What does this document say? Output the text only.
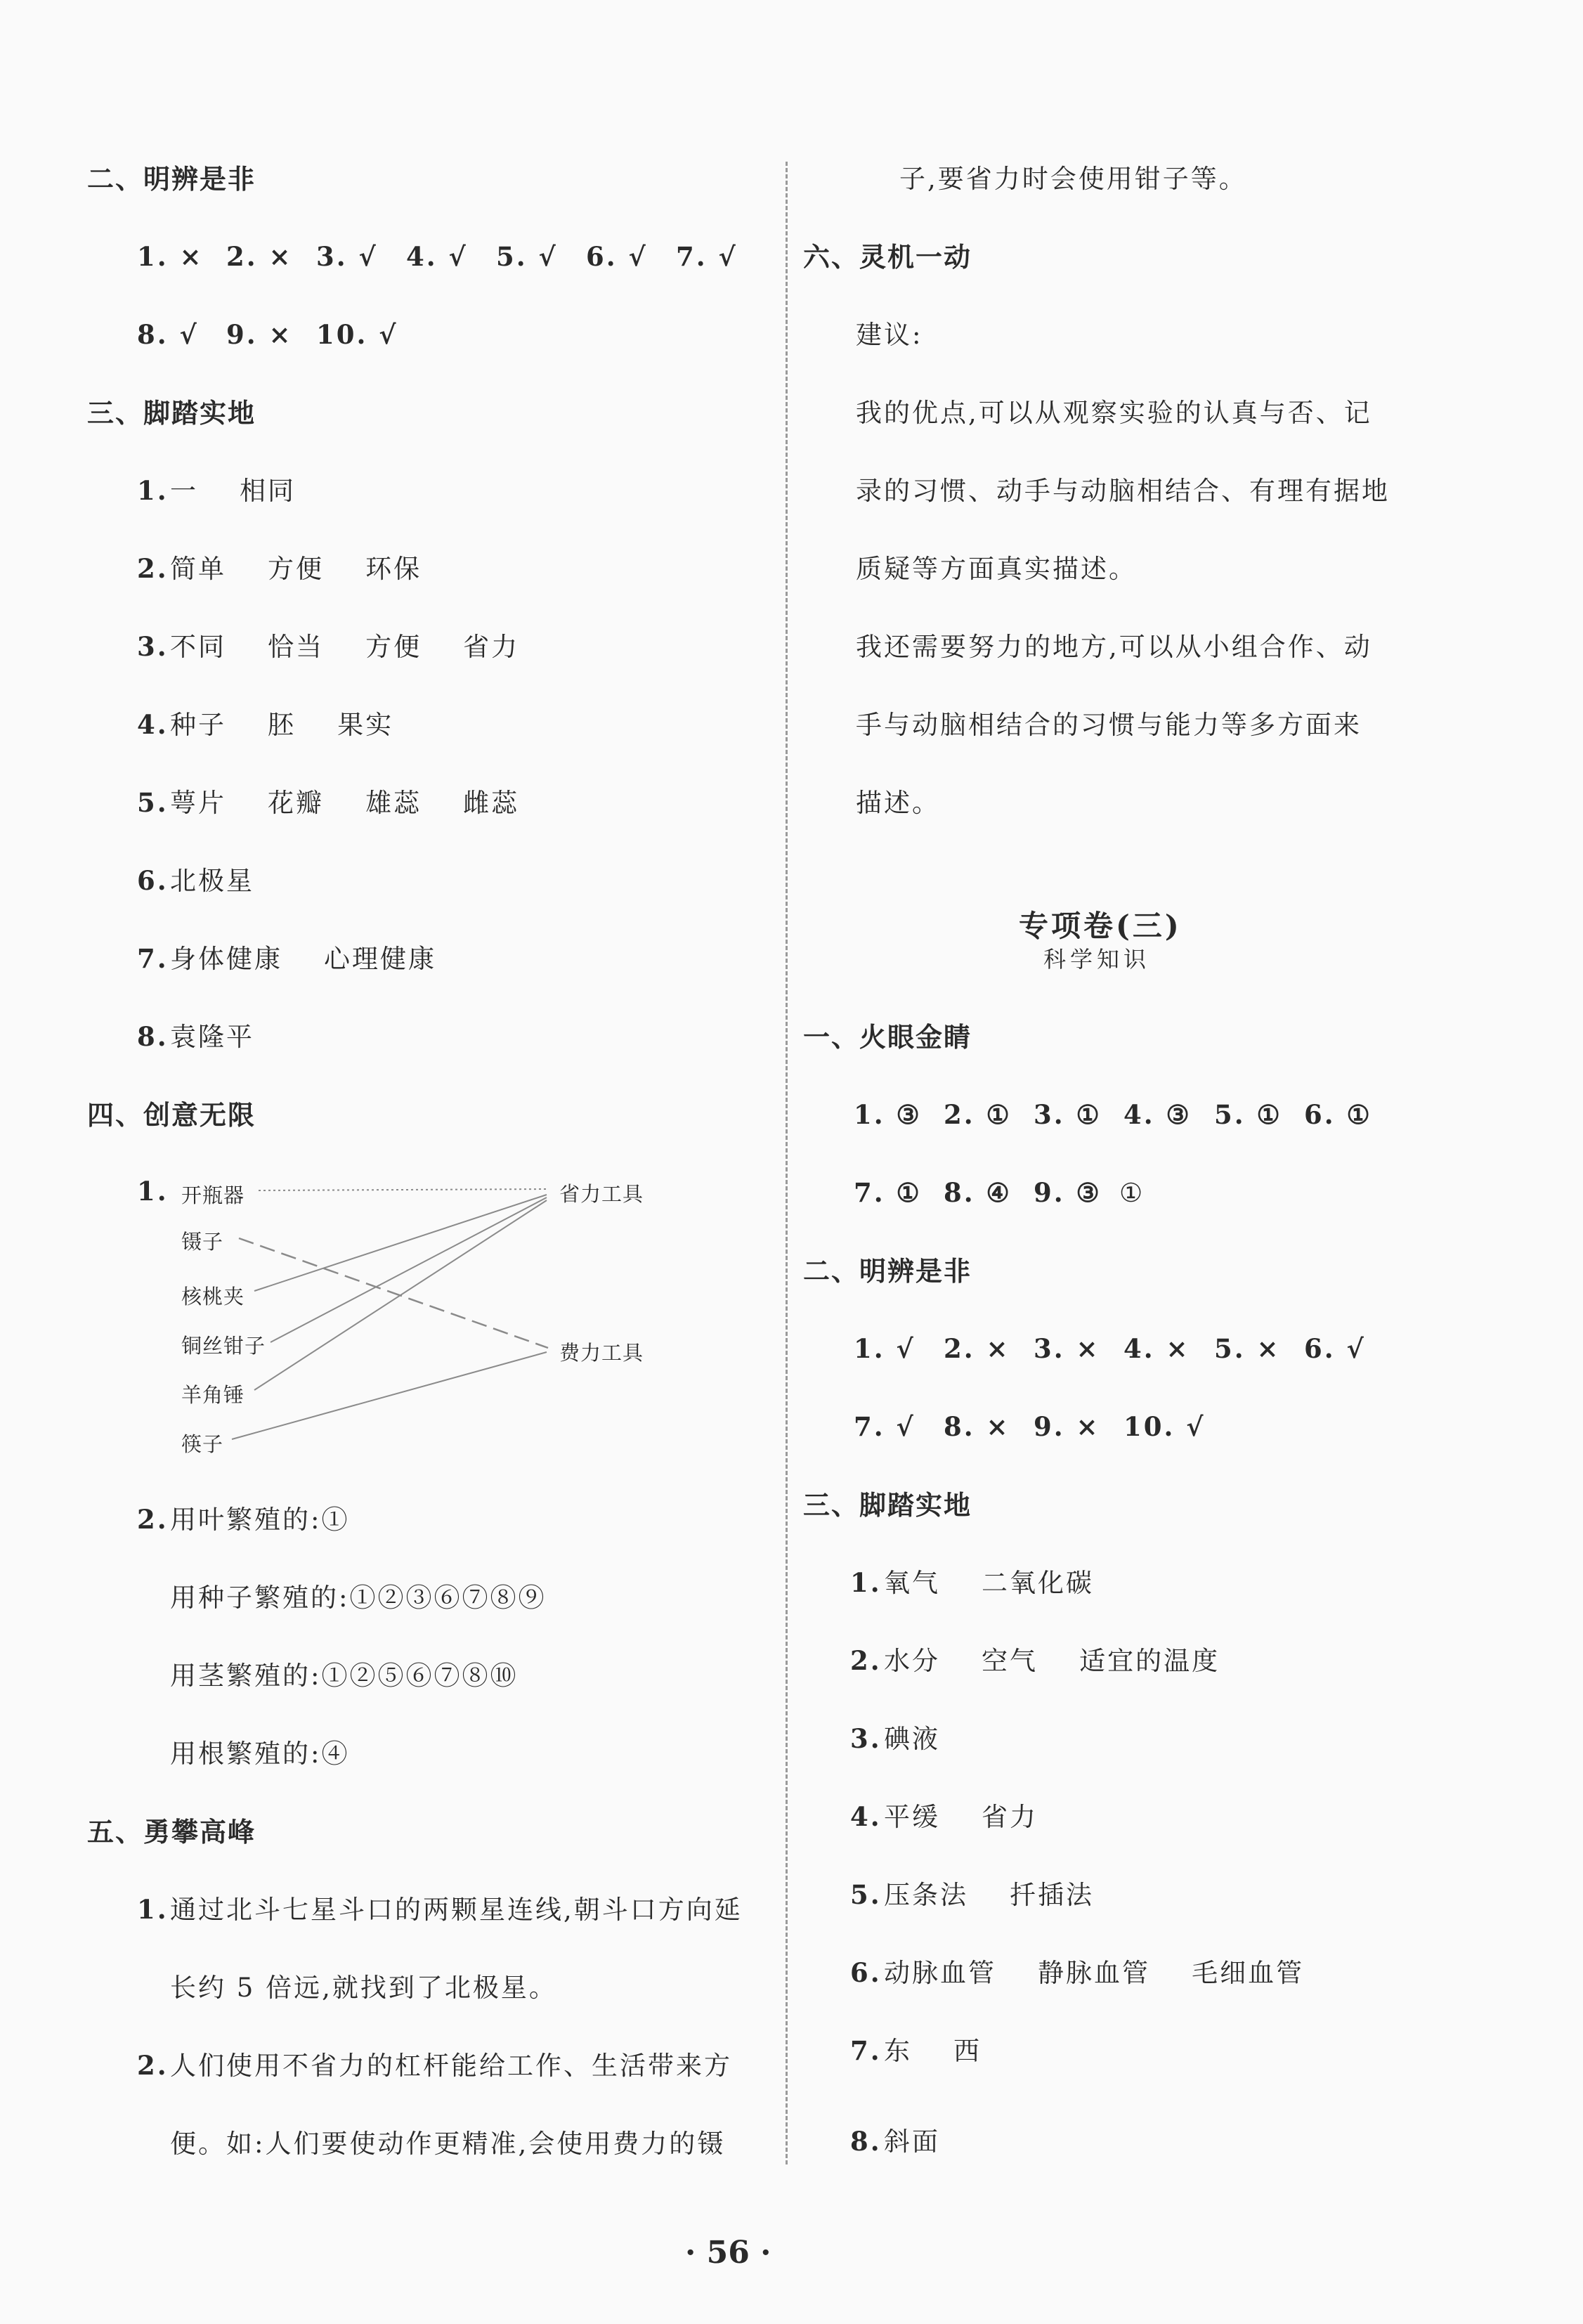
二、明辨是非
1. × 2. × 3. √ 4. √ 5. √ 6. √ 7. √
8. √ 9. × 10. √
三、脚踏实地
1. 一    相同
2. 简单    方便    环保
3. 不同    恰当    方便    省力
4. 种子    胚    果实
5. 萼片    花瓣    雄蕊    雌蕊
6. 北极星
7. 身体健康    心理健康
8. 袁隆平
四、创意无限
1. 开瓶器
镊子
核桃夹
铜丝钳子
羊角锤
筷子
省力工具
费力工具
2. 用叶繁殖的:①
用种子繁殖的:①②③⑥⑦⑧⑨
用茎繁殖的:①②⑤⑥⑦⑧⑩
用根繁殖的:④
五、勇攀高峰
1. 通过北斗七星斗口的两颗星连线,朝斗口方向延
长约 5 倍远,就找到了北极星。
2. 人们使用不省力的杠杆能给工作、生活带来方
便。如:人们要使动作更精准,会使用费力的镊
子,要省力时会使用钳子等。
六、灵机一动
建议:
我的优点,可以从观察实验的认真与否、记
录的习惯、动手与动脑相结合、有理有据地
质疑等方面真实描述。
我还需要努力的地方,可以从小组合作、动
手与动脑相结合的习惯与能力等多方面来
描述。
专项卷(三)
科学知识
一、火眼金睛
1. ③ 2. ① 3. ① 4. ③ 5. ① 6. ①
7. ① 8. ④ 9. ③ ①
二、明辨是非
1. √ 2. × 3. × 4. × 5. × 6. √
7. √ 8. × 9. × 10. √
三、脚踏实地
1. 氧气    二氧化碳
2. 水分    空气    适宜的温度
3. 碘液
4. 平缓    省力
5. 压条法    扦插法
6. 动脉血管    静脉血管    毛细血管
7. 东    西
8. 斜面
· 56 ·
